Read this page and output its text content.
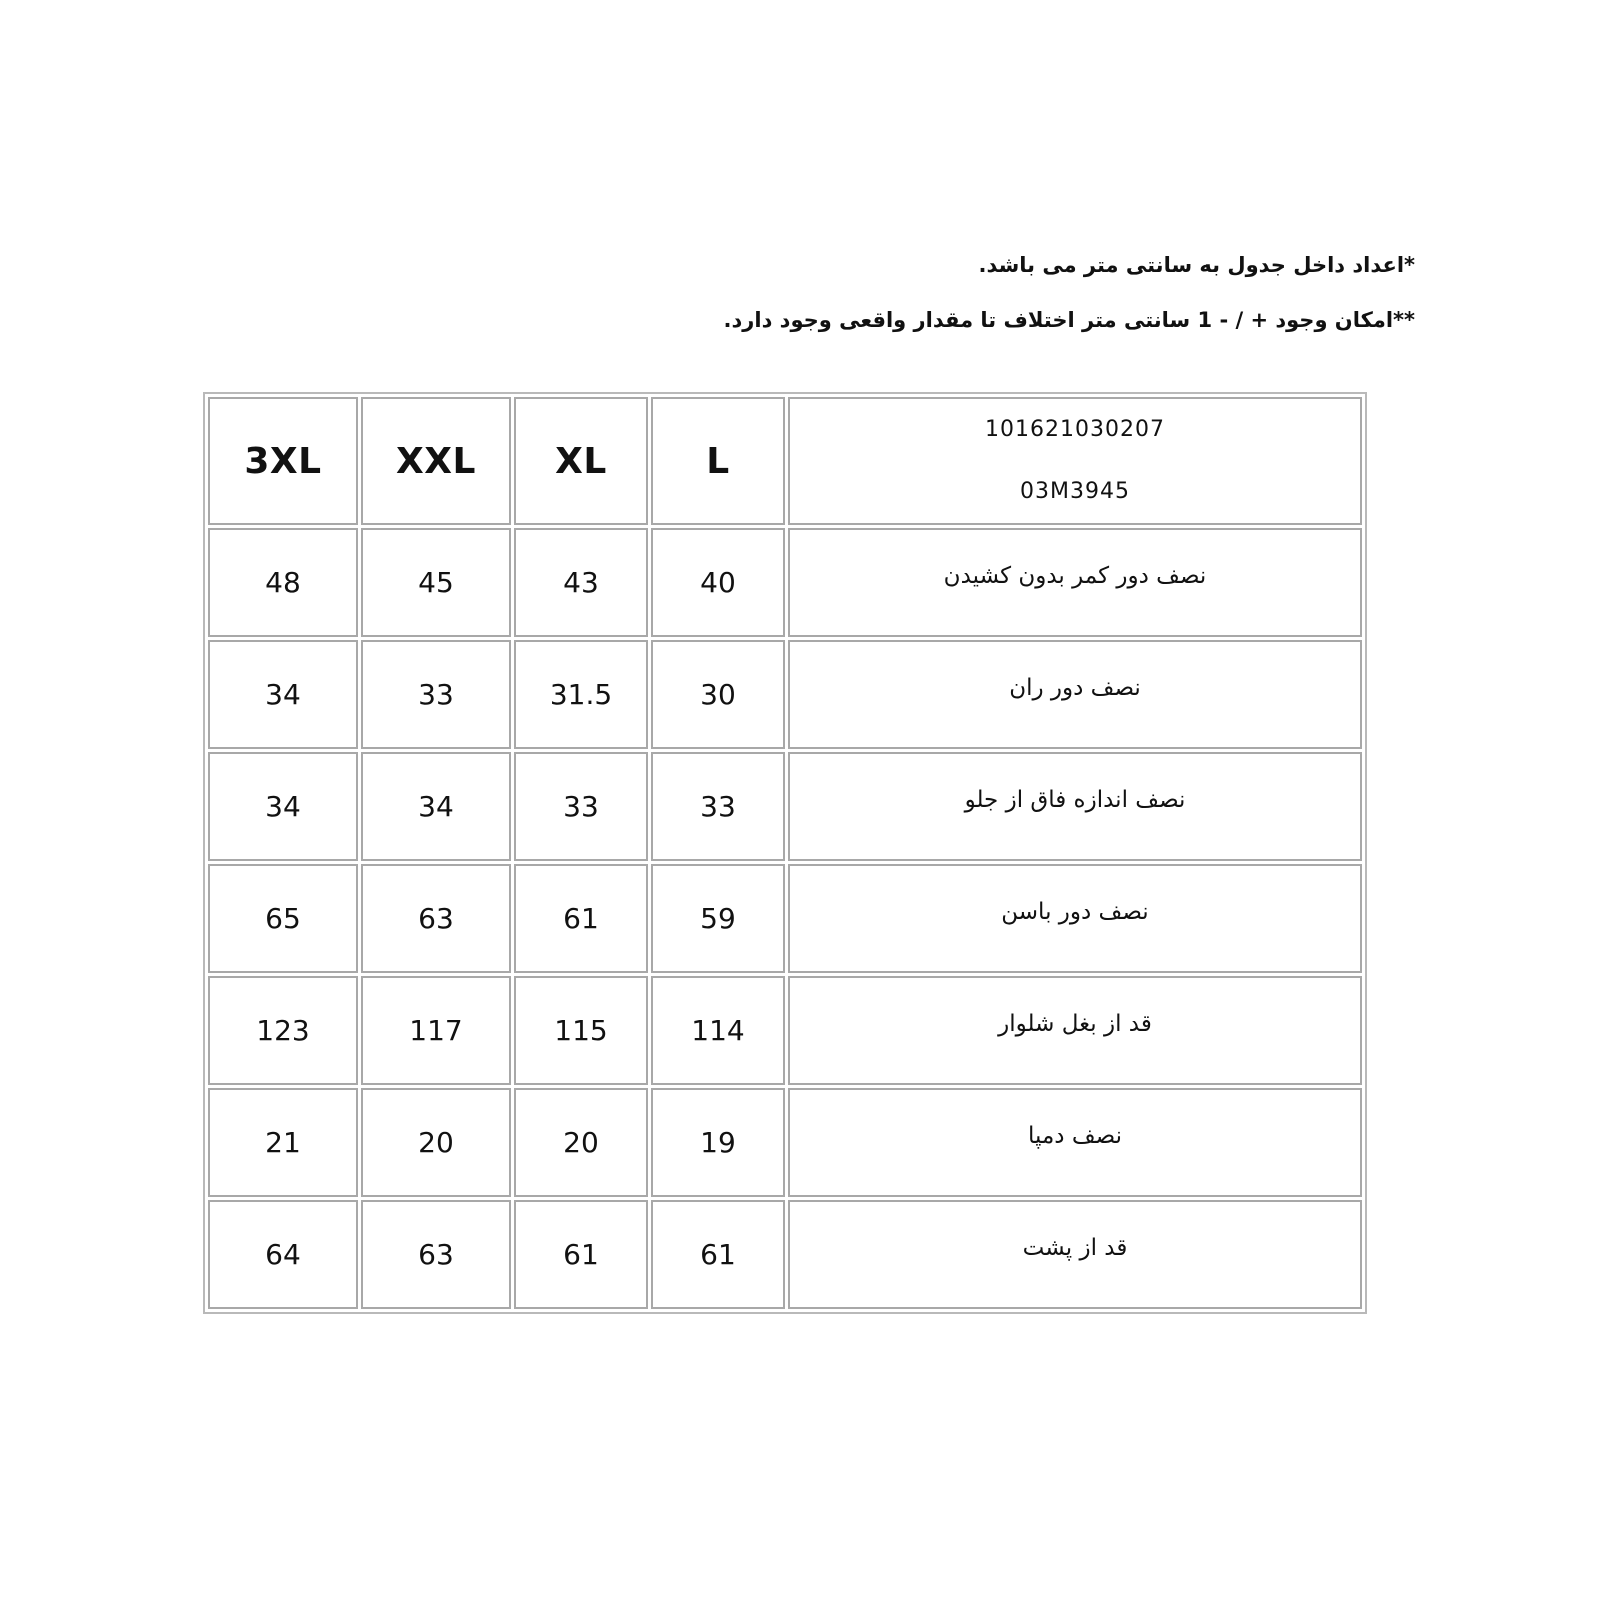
*اعداد داخل جدول به سانتی متر می باشد.
**امکان وجود + / - 1 سانتی متر اختلاف تا مقدار واقعی وجود دارد.
3XL	XXL	XL	L	101621030207
03M3945

48	45	43	40	نصف دور کمر بدون کشیدن
34	33	31.5	30	نصف دور ران
34	34	33	33	نصف اندازه فاق از جلو
65	63	61	59	نصف دور باسن
123	117	115	114	قد از بغل شلوار
21	20	20	19	نصف دمپا
64	63	61	61	قد از پشت
